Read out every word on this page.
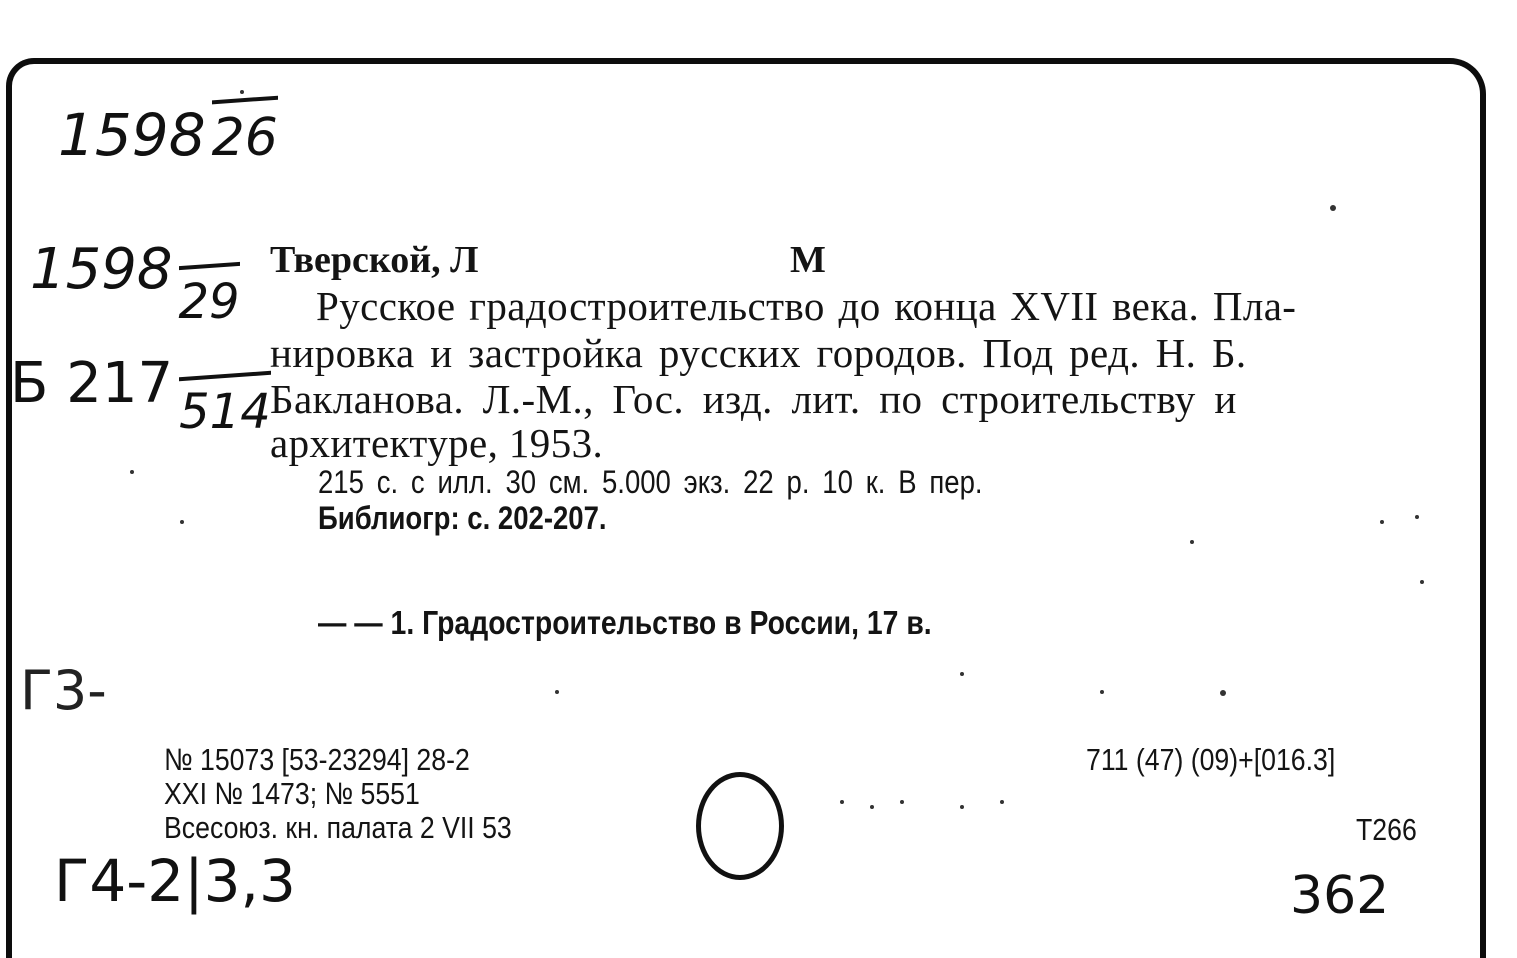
1598 26
1598 29
Б 217 514
Г3-
Г4-2|3,3	362
Тверской, Л	М
Русское градостроительство до конца XVII века. Пла-
нировка и застройка русских городов. Под ред. Н. Б.
Бакланова. Л.-М., Гос. изд. лит. по строительству и
архитектуре, 1953.
215 с. с илл. 30 см. 5.000 экз. 22 р. 10 к. В пер.
Библиогр: с. 202-207.
— — 1. Градостроительство в России, 17 в.
№ 15073 [53-23294] 28-2
XXI № 1473; № 5551
Всесоюз. кн. палата 2 VII 53
711 (47) (09)+[016.3]
Т266
